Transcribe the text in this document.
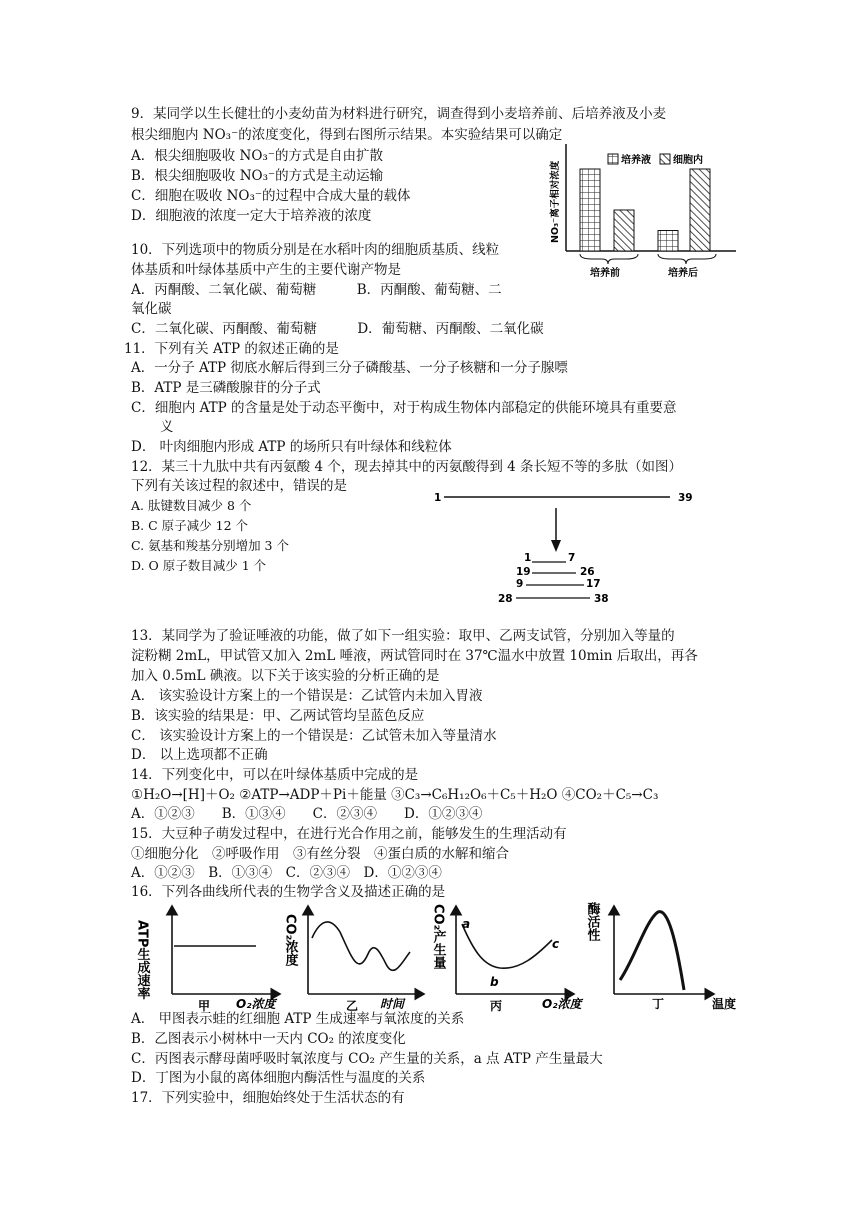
9．某同学以生长健壮的小麦幼苗为材料进行研究，调查得到小麦培养前、后培养液及小麦
根尖细胞内 NO₃⁻的浓度变化，得到右图所示结果。本实验结果可以确定
A．根尖细胞吸收 NO₃⁻的方式是自由扩散
B．根尖细胞吸收 NO₃⁻的方式是主动运输
C．细胞在吸收 NO₃⁻的过程中合成大量的载体
D．细胞液的浓度一定大于培养液的浓度	NO₃⁻离子相对浓度
培养液 细胞内
培养前	培养后
10．下列选项中的物质分别是在水稻叶肉的细胞质基质、线粒
体基质和叶绿体基质中产生的主要代谢产物是
A．丙酮酸、二氧化碳、葡萄糖　　　B．丙酮酸、葡萄糖、二
氧化碳
C．二氧化碳、丙酮酸、葡萄糖　　　D．葡萄糖、丙酮酸、二氧化碳
11．下列有关 ATP 的叙述正确的是
A．一分子 ATP 彻底水解后得到三分子磷酸基、一分子核糖和一分子腺嘌
B．ATP 是三磷酸腺苷的分子式
C．细胞内 ATP 的含量是处于动态平衡中，对于构成生物体内部稳定的供能环境具有重要意
义
D． 叶肉细胞内形成 ATP 的场所只有叶绿体和线粒体
12．某三十九肽中共有丙氨酸 4 个，现去掉其中的丙氨酸得到 4 条长短不等的多肽（如图）
下列有关该过程的叙述中，错误的是
A. 肽键数目减少 8 个
B. C 原子减少 12 个
C. 氨基和羧基分别增加 3 个
D. O 原子数目减少 1 个
1	39
1	7
19	26
9	17
28	38
13．某同学为了验证唾液的功能，做了如下一组实验：取甲、乙两支试管，分别加入等量的
淀粉糊 2mL，甲试管又加入 2mL 唾液，两试管同时在 37℃温水中放置 10min 后取出，再各
加入 0.5mL 碘液。以下关于该实验的分析正确的是
A． 该实验设计方案上的一个错误是：乙试管内未加入胃液
B．该实验的结果是：甲、乙两试管均呈蓝色反应
C． 该实验设计方案上的一个错误是：乙试管未加入等量清水
D． 以上选项都不正确
14．下列变化中，可以在叶绿体基质中完成的是
①H₂O→[H]＋O₂ ②ATP→ADP＋Pi＋能量 ③C₃→C₆H₁₂O₆＋C₅＋H₂O ④CO₂＋C₅→C₃
A．①②③　　B．①③④　　C．②③④　　D．①②③④
15．大豆种子萌发过程中，在进行光合作用之前，能够发生的生理活动有
①细胞分化　②呼吸作用　③有丝分裂　④蛋白质的水解和缩合
A．①②③　B．①③④　C．②③④　D．①②③④
16．下列各曲线所代表的生物学含义及描述正确的是
ATP生成速率
甲 O₂浓度
CO₂浓度
乙 时间
CO₂产生量 a
b
c
丙	O₂浓度
酶活性
丁	温度
A． 甲图表示蛙的红细胞 ATP 生成速率与氧浓度的关系
B．乙图表示小树林中一天内 CO₂ 的浓度变化
C．丙图表示酵母菌呼吸时氧浓度与 CO₂ 产生量的关系，a 点 ATP 产生量最大
D．丁图为小鼠的离体细胞内酶活性与温度的关系
17．下列实验中，细胞始终处于生活状态的有
